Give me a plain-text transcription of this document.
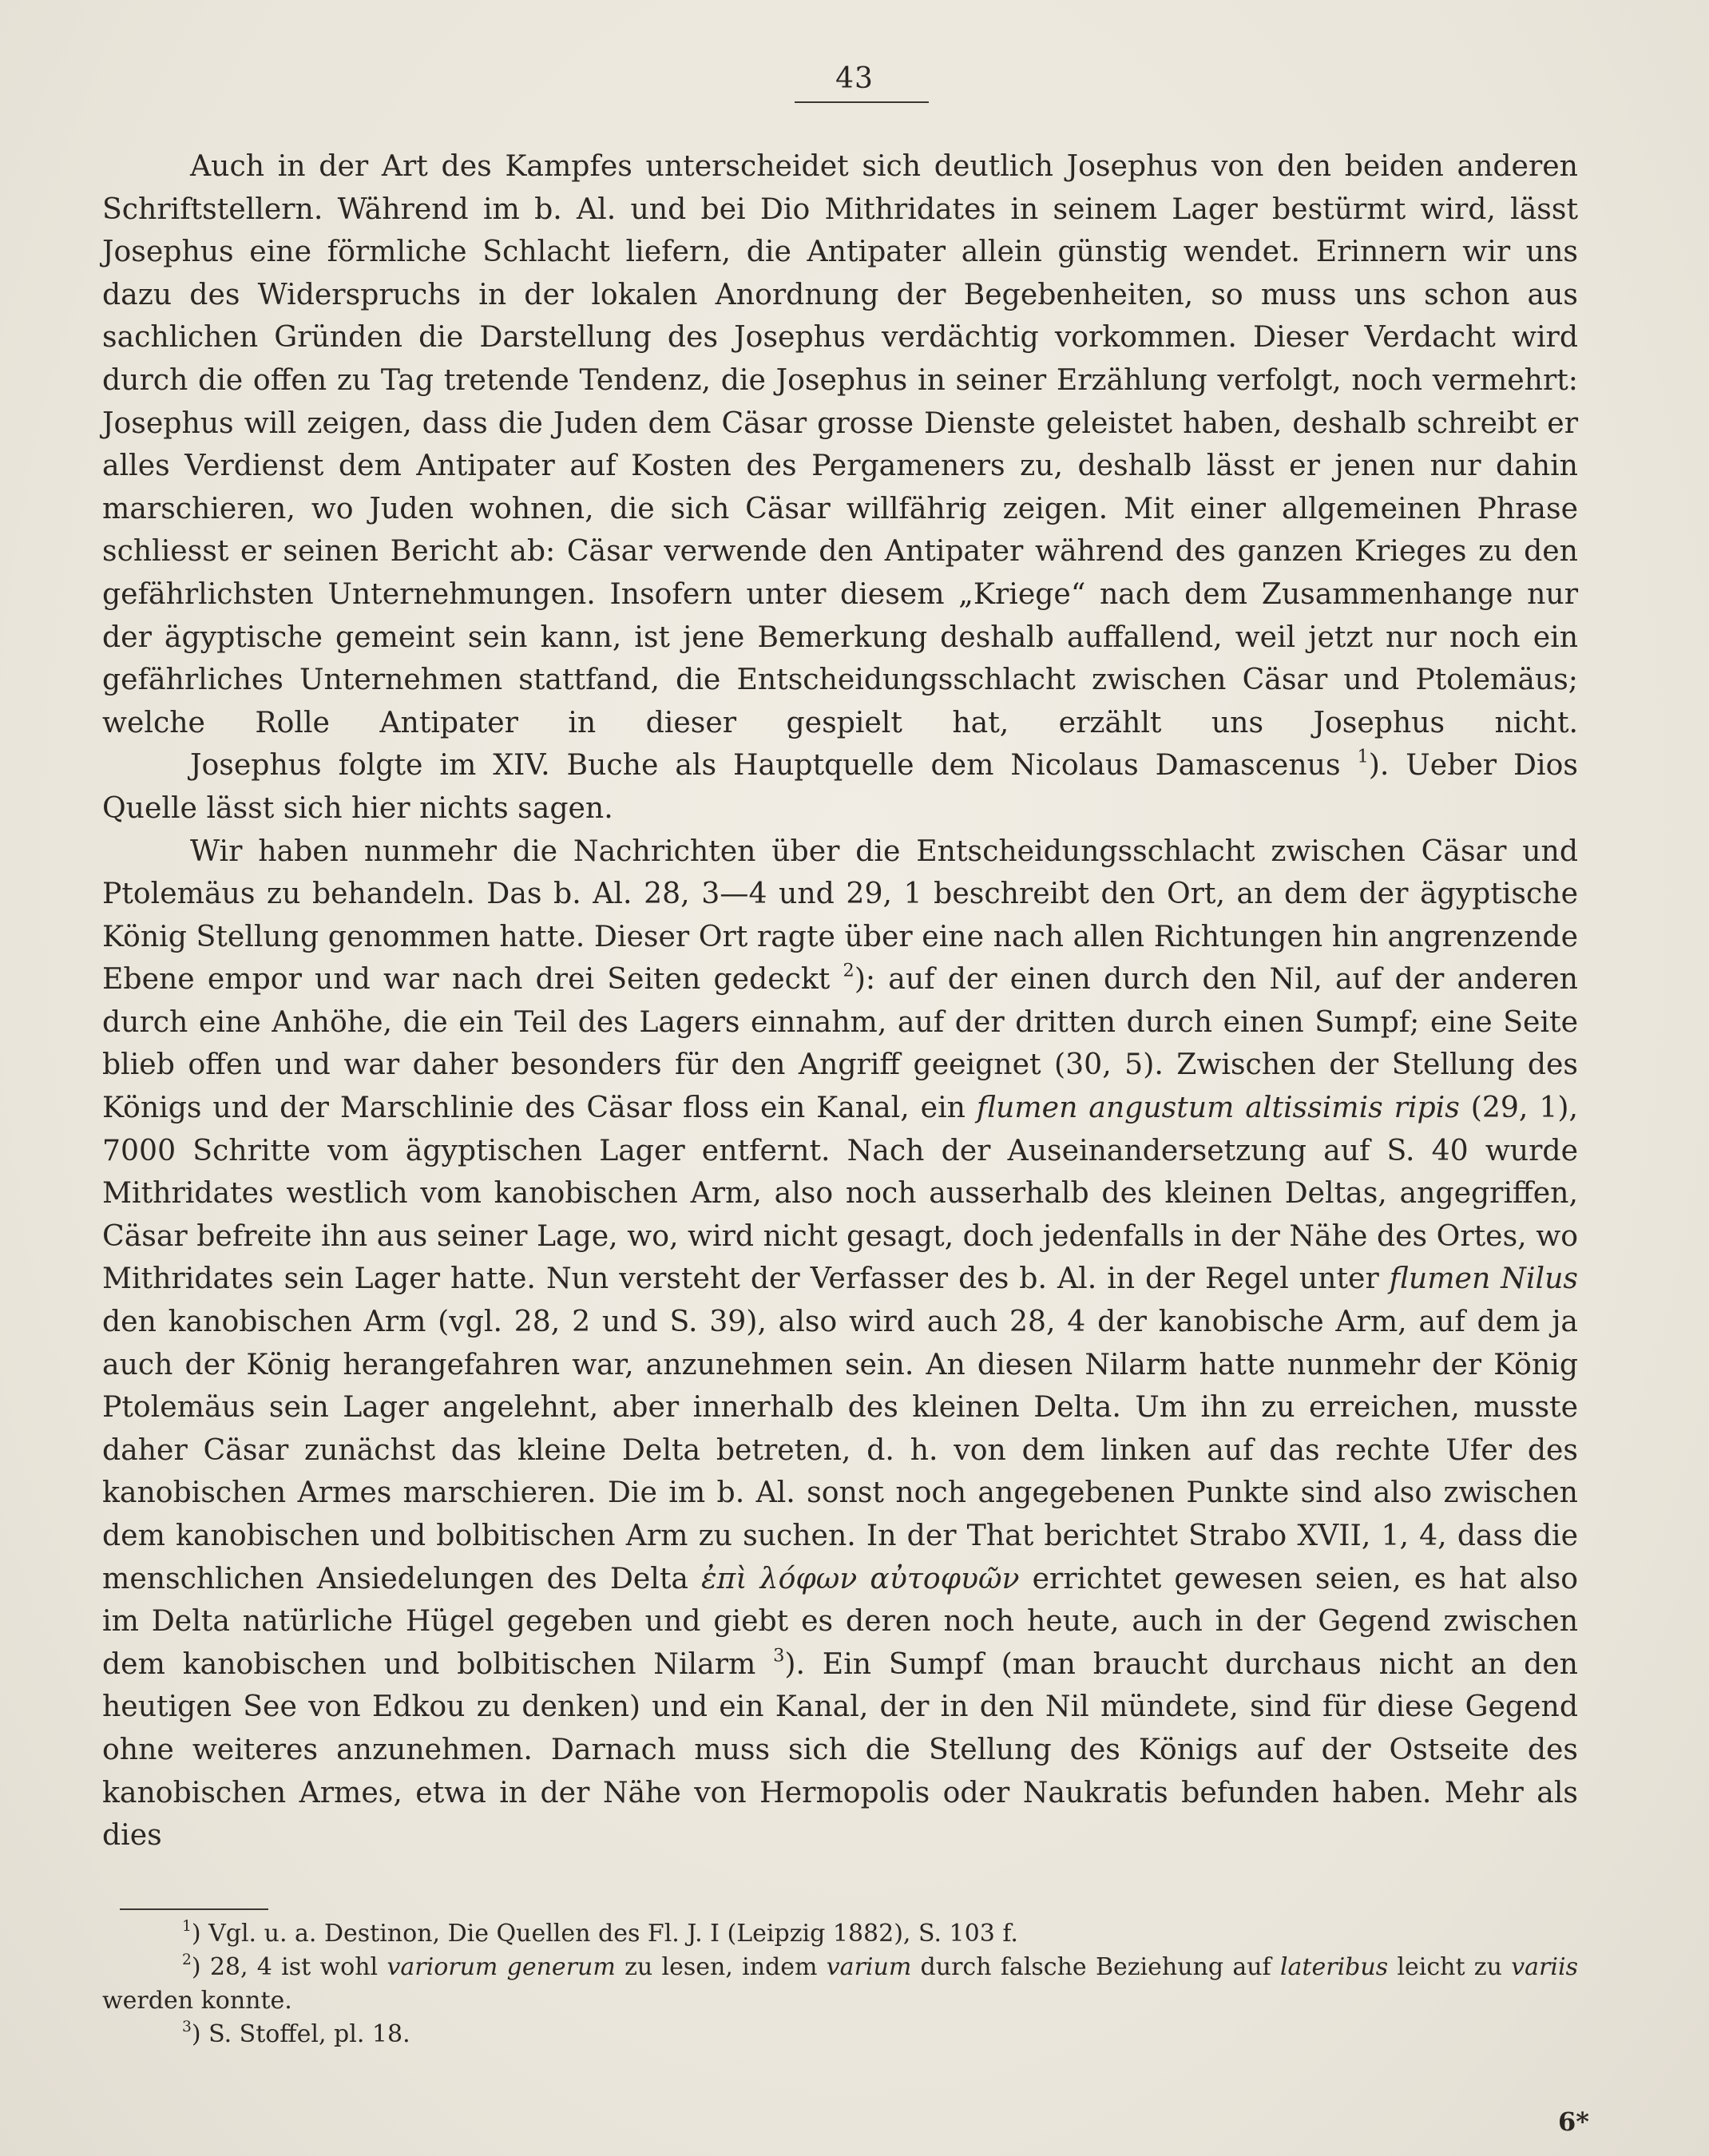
43

Auch in der Art des Kampfes unterscheidet sich deutlich Josephus von den beiden anderen Schriftstellern. Während im b. Al. und bei Dio Mithridates in seinem Lager bestürmt wird, lässt Josephus eine förmliche Schlacht liefern, die Antipater allein günstig wendet. Erinnern wir uns dazu des Widerspruchs in der lokalen Anordnung der Begebenheiten, so muss uns schon aus sachlichen Gründen die Darstellung des Josephus verdächtig vorkommen. Dieser Verdacht wird durch die offen zu Tag tretende Tendenz, die Josephus in seiner Erzählung verfolgt, noch vermehrt: Josephus will zeigen, dass die Juden dem Cäsar grosse Dienste geleistet haben, deshalb schreibt er alles Verdienst dem Antipater auf Kosten des Pergameners zu, deshalb lässt er jenen nur dahin marschieren, wo Juden wohnen, die sich Cäsar willfährig zeigen. Mit einer allgemeinen Phrase schliesst er seinen Bericht ab: Cäsar verwende den Antipater während des ganzen Krieges zu den gefährlichsten Unternehmungen. Insofern unter diesem „Kriege“ nach dem Zusammenhange nur der ägyptische gemeint sein kann, ist jene Bemerkung deshalb auffallend, weil jetzt nur noch ein gefährliches Unternehmen stattfand, die Entscheidungsschlacht zwischen Cäsar und Ptolemäus; welche Rolle Antipater in dieser gespielt hat, erzählt uns Josephus nicht.

Josephus folgte im XIV. Buche als Hauptquelle dem Nicolaus Damascenus $^1$). Ueber Dios Quelle lässt sich hier nichts sagen.

Wir haben nunmehr die Nachrichten über die Entscheidungsschlacht zwischen Cäsar und Ptolemäus zu behandeln. Das b. Al. 28, 3—4 und 29, 1 beschreibt den Ort, an dem der ägyptische König Stellung genommen hatte. Dieser Ort ragte über eine nach allen Richtungen hin angrenzende Ebene empor und war nach drei Seiten gedeckt $^2$): auf der einen durch den Nil, auf der anderen durch eine Anhöhe, die ein Teil des Lagers einnahm, auf der dritten durch einen Sumpf; eine Seite blieb offen und war daher besonders für den Angriff geeignet (30, 5). Zwischen der Stellung des Königs und der Marschlinie des Cäsar floss ein Kanal, ein flumen angustum altissimis ripis (29, 1), 7000 Schritte vom ägyptischen Lager entfernt. Nach der Auseinandersetzung auf S. 40 wurde Mithridates westlich vom kanobischen Arm, also noch ausserhalb des kleinen Deltas, angegriffen, Cäsar befreite ihn aus seiner Lage, wo, wird nicht gesagt, doch jedenfalls in der Nähe des Ortes, wo Mithridates sein Lager hatte. Nun versteht der Verfasser des b. Al. in der Regel unter flumen Nilus den kanobischen Arm (vgl. 28, 2 und S. 39), also wird auch 28, 4 der kanobische Arm, auf dem ja auch der König herangefahren war, anzunehmen sein. An diesen Nilarm hatte nunmehr der König Ptolemäus sein Lager angelehnt, aber innerhalb des kleinen Delta. Um ihn zu erreichen, musste daher Cäsar zunächst das kleine Delta betreten, d. h. von dem linken auf das rechte Ufer des kanobischen Armes marschieren. Die im b. Al. sonst noch angegebenen Punkte sind also zwischen dem kanobischen und bolbitischen Arm zu suchen. In der That berichtet Strabo XVII, 1, 4, dass die menschlichen Ansiedelungen des Delta ἐπὶ λόφων αὐτοφυῶν errichtet gewesen seien, es hat also im Delta natürliche Hügel gegeben und giebt es deren noch heute, auch in der Gegend zwischen dem kanobischen und bolbitischen Nilarm $^3$). Ein Sumpf (man braucht durchaus nicht an den heutigen See von Edkou zu denken) und ein Kanal, der in den Nil mündete, sind für diese Gegend ohne weiteres anzunehmen. Darnach muss sich die Stellung des Königs auf der Ostseite des kanobischen Armes, etwa in der Nähe von Hermopolis oder Naukratis befunden haben. Mehr als dies

$^1$) Vgl. u. a. Destinon, Die Quellen des Fl. J. I (Leipzig 1882), S. 103 f.

$^2$) 28, 4 ist wohl variorum generum zu lesen, indem varium durch falsche Beziehung auf lateribus leicht zu variis werden konnte.

$^3$) S. Stoffel, pl. 18.

6*
